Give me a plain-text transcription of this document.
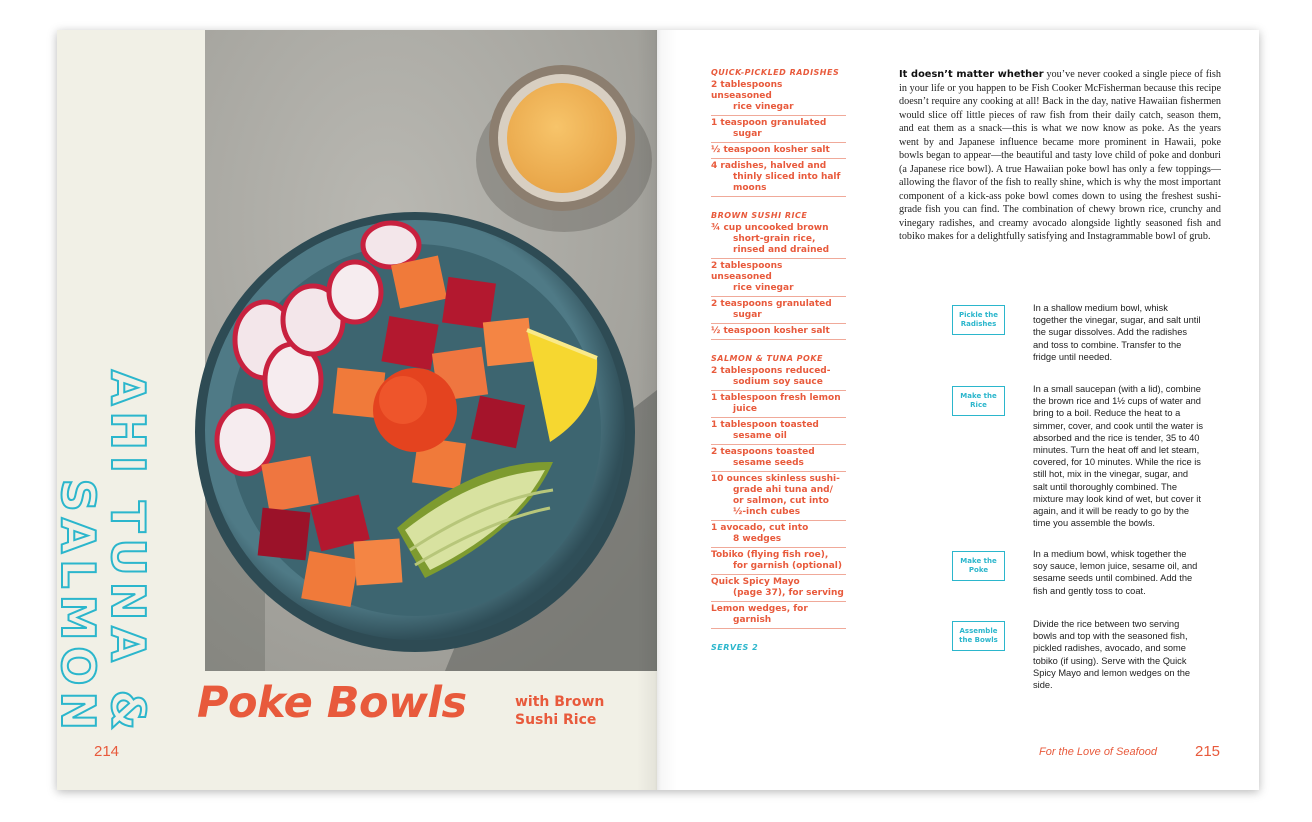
AHI TUNA &
SALMON Poke Bowls	with Brown Sushi Rice
214
QUICK-PICKLED RADISHES
2 tablespoons unseasoned
rice vinegar
1 teaspoon granulated
sugar
½ teaspoon kosher salt
4 radishes, halved and
thinly sliced into half
moons
BROWN SUSHI RICE
¾ cup uncooked brown
short-grain rice,
rinsed and drained
2 tablespoons unseasoned
rice vinegar
2 teaspoons granulated
sugar
½ teaspoon kosher salt
SALMON & TUNA POKE
2 tablespoons reduced-
sodium soy sauce
1 tablespoon fresh lemon
juice
1 tablespoon toasted
sesame oil
2 teaspoons toasted
sesame seeds
10 ounces skinless sushi-
grade ahi tuna and/
or salmon, cut into
½-inch cubes
1 avocado, cut into
8 wedges
Tobiko (flying fish roe),
for garnish (optional)
Quick Spicy Mayo
(page 37), for serving
Lemon wedges, for
garnish
SERVES 2
It doesn’t matter whether you’ve never cooked a single piece of fish in your life or you happen to be Fish Cooker McFisherman because this recipe doesn’t require any cooking at all! Back in the day, native Hawaiian fishermen would slice off little pieces of raw fish from their daily catch, season them, and eat them as a snack—this is what we now know as poke. As the years went by and Japanese influence became more prominent in Hawaii, poke bowls began to appear—the beautiful and tasty love child of poke and donburi (a Japanese rice bowl). A true Hawaiian poke bowl has only a few toppings—allowing the flavor of the fish to really shine, which is why the most important component of a kick-ass poke bowl comes down to using the freshest sushi-grade fish you can find. The combination of chewy brown rice, crunchy and vinegary radishes, and creamy avocado alongside lightly seasoned fish and tobiko makes for a delightfully satisfying and Instagrammable bowl of grub.
Pickle the Radishes
In a shallow medium bowl, whisk together the vinegar, sugar, and salt until the sugar dissolves. Add the radishes and toss to combine. Transfer to the fridge until needed.
Make the Rice
In a small saucepan (with a lid), combine the brown rice and 1½ cups of water and bring to a boil. Reduce the heat to a simmer, cover, and cook until the water is absorbed and the rice is tender, 35 to 40 minutes. Turn the heat off and let steam, covered, for 10 minutes. While the rice is still hot, mix in the vinegar, sugar, and salt until thoroughly combined. The mixture may look kind of wet, but cover it again, and it will be ready to go by the time you assemble the bowls.
Make the Poke
In a medium bowl, whisk together the soy sauce, lemon juice, sesame oil, and sesame seeds until combined. Add the fish and gently toss to coat.
Assemble the Bowls
Divide the rice between two serving bowls and top with the seasoned fish, pickled radishes, avocado, and some tobiko (if using). Serve with the Quick Spicy Mayo and lemon wedges on the side.
For the Love of Seafood	215
